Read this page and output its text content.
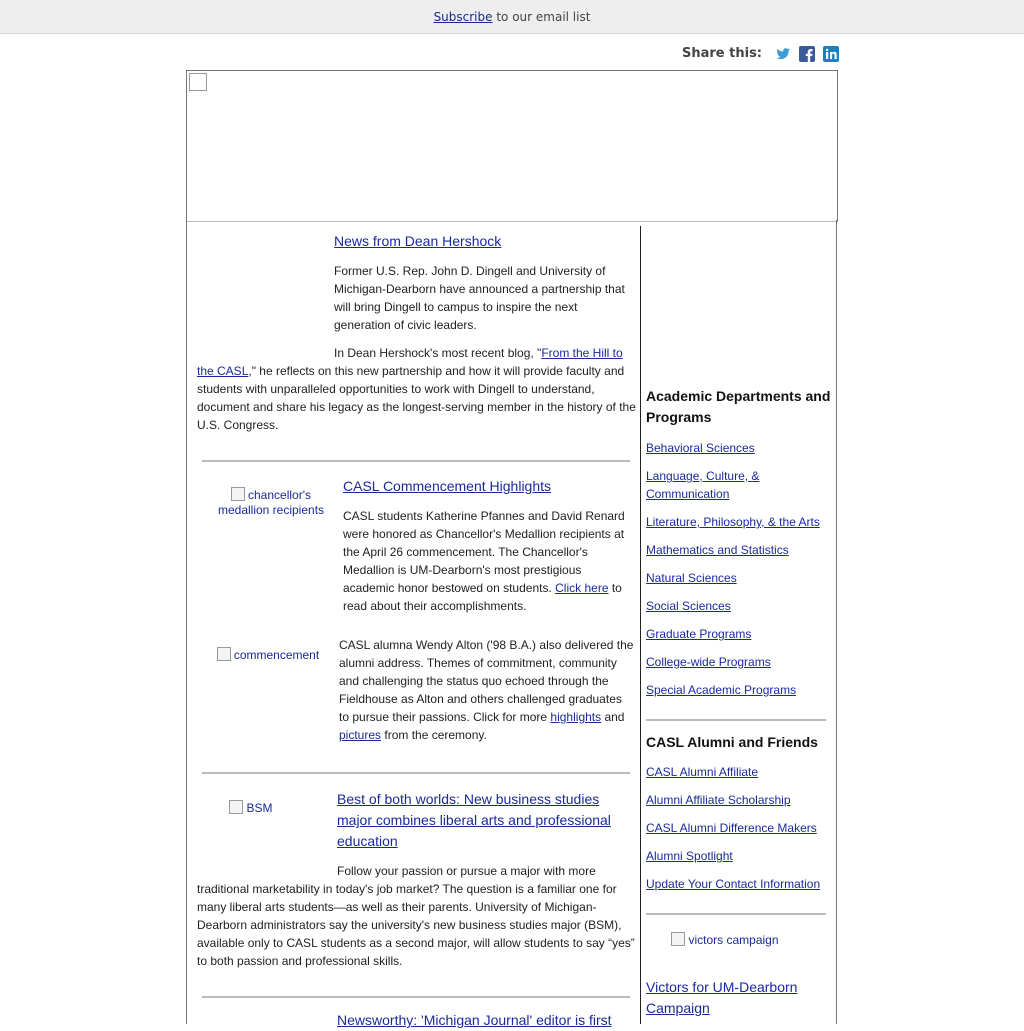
Subscribe to our email list
Share this:
News from Dean Hershock
Former U.S. Rep. John D. Dingell and University of Michigan-Dearborn have announced a partnership that will bring Dingell to campus to inspire the next generation of civic leaders.
In Dean Hershock's most recent blog, "From the Hill to the CASL," he reflects on this new partnership and how it will provide faculty and students with unparalleled opportunities to work with Dingell to understand, document and share his legacy as the longest-serving member in the history of the U.S. Congress.
chancellor's medallion recipients
CASL Commencement Highlights
CASL students Katherine Pfannes and David Renard were honored as Chancellor's Medallion recipients at the April 26 commencement. The Chancellor's Medallion is UM-Dearborn's most prestigious academic honor bestowed on students. Click here to read about their accomplishments.
commencement
CASL alumna Wendy Alton ('98 B.A.) also delivered the alumni address. Themes of commitment, community and challenging the status quo echoed through the Fieldhouse as Alton and others challenged graduates to pursue their passions. Click for more highlights and pictures from the ceremony.
BSM
Best of both worlds: New business studies major combines liberal arts and professional education
Follow your passion or pursue a major with more traditional marketability in today's job market? The question is a familiar one for many liberal arts students—as well as their parents. University of Michigan-Dearborn administrators say the university's new business studies major (BSM), available only to CASL students as a second major, will allow students to say “yes” to both passion and professional skills.
Newsworthy: 'Michigan Journal' editor is first
Academic Departments and Programs
Behavioral Sciences
Language, Culture, & Communication
Literature, Philosophy, & the Arts
Mathematics and Statistics
Natural Sciences
Social Sciences
Graduate Programs
College-wide Programs
Special Academic Programs
CASL Alumni and Friends
CASL Alumni Affiliate
Alumni Affiliate Scholarship
CASL Alumni Difference Makers
Alumni Spotlight
Update Your Contact Information
victors campaign
Victors for UM-Dearborn Campaign
